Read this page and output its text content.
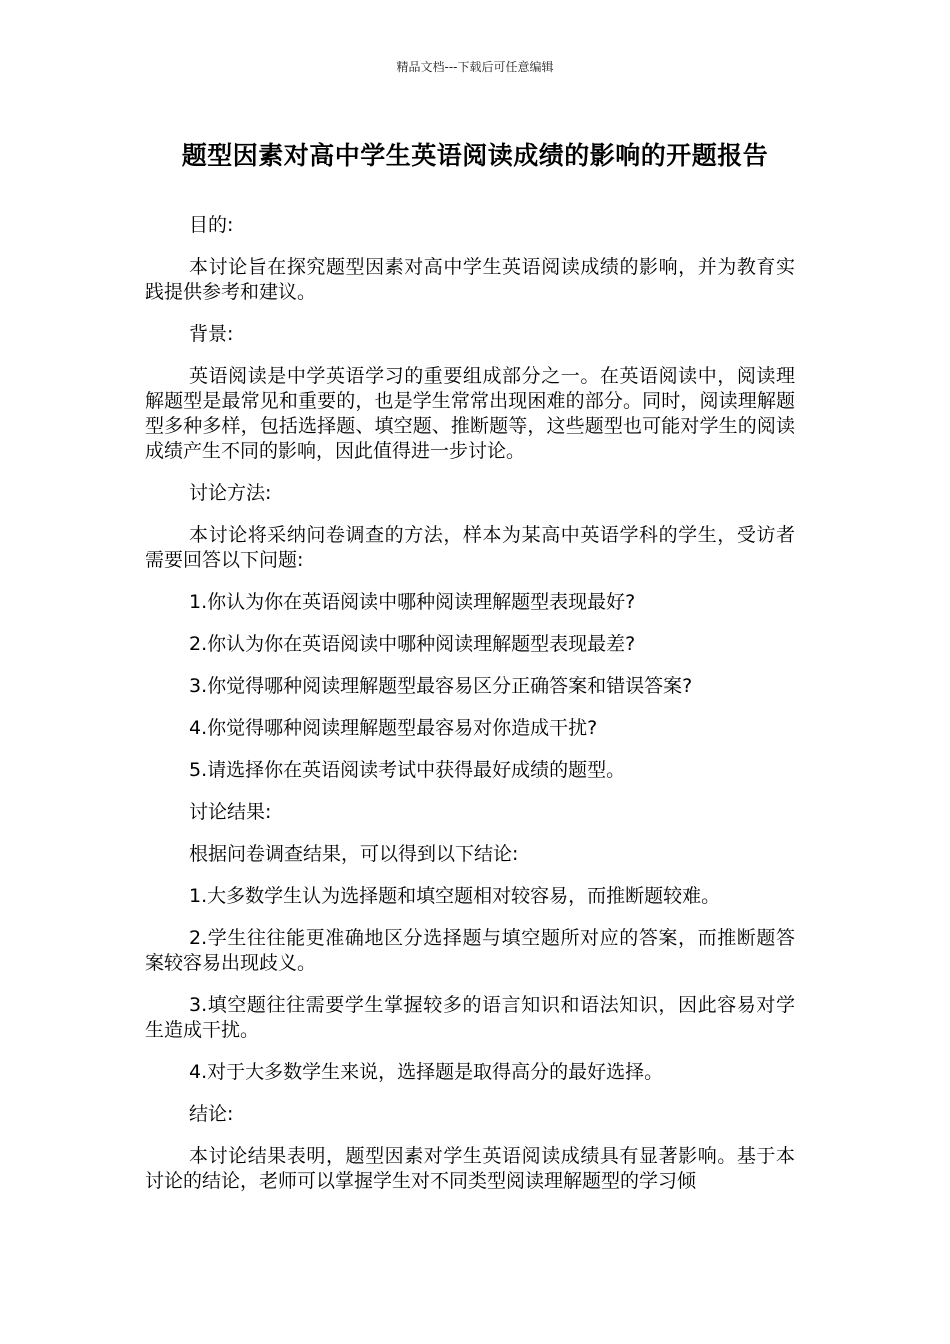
精品文档---下载后可任意编辑
题型因素对高中学生英语阅读成绩的影响的开题报告

目的:

本讨论旨在探究题型因素对高中学生英语阅读成绩的影响，并为教育实践提供参考和建议。

背景:

英语阅读是中学英语学习的重要组成部分之一。在英语阅读中，阅读理解题型是最常见和重要的，也是学生常常出现困难的部分。同时，阅读理解题型多种多样，包括选择题、填空题、推断题等，这些题型也可能对学生的阅读成绩产生不同的影响，因此值得进一步讨论。

讨论方法:

本讨论将采纳问卷调查的方法，样本为某高中英语学科的学生，受访者需要回答以下问题:

1.你认为你在英语阅读中哪种阅读理解题型表现最好?

2.你认为你在英语阅读中哪种阅读理解题型表现最差?

3.你觉得哪种阅读理解题型最容易区分正确答案和错误答案?

4.你觉得哪种阅读理解题型最容易对你造成干扰?

5.请选择你在英语阅读考试中获得最好成绩的题型。

讨论结果:

根据问卷调查结果，可以得到以下结论:

1.大多数学生认为选择题和填空题相对较容易，而推断题较难。

2.学生往往能更准确地区分选择题与填空题所对应的答案，而推断题答案较容易出现歧义。

3.填空题往往需要学生掌握较多的语言知识和语法知识，因此容易对学生造成干扰。

4.对于大多数学生来说，选择题是取得高分的最好选择。

结论:

本讨论结果表明，题型因素对学生英语阅读成绩具有显著影响。基于本讨论的结论，老师可以掌握学生对不同类型阅读理解题型的学习倾
